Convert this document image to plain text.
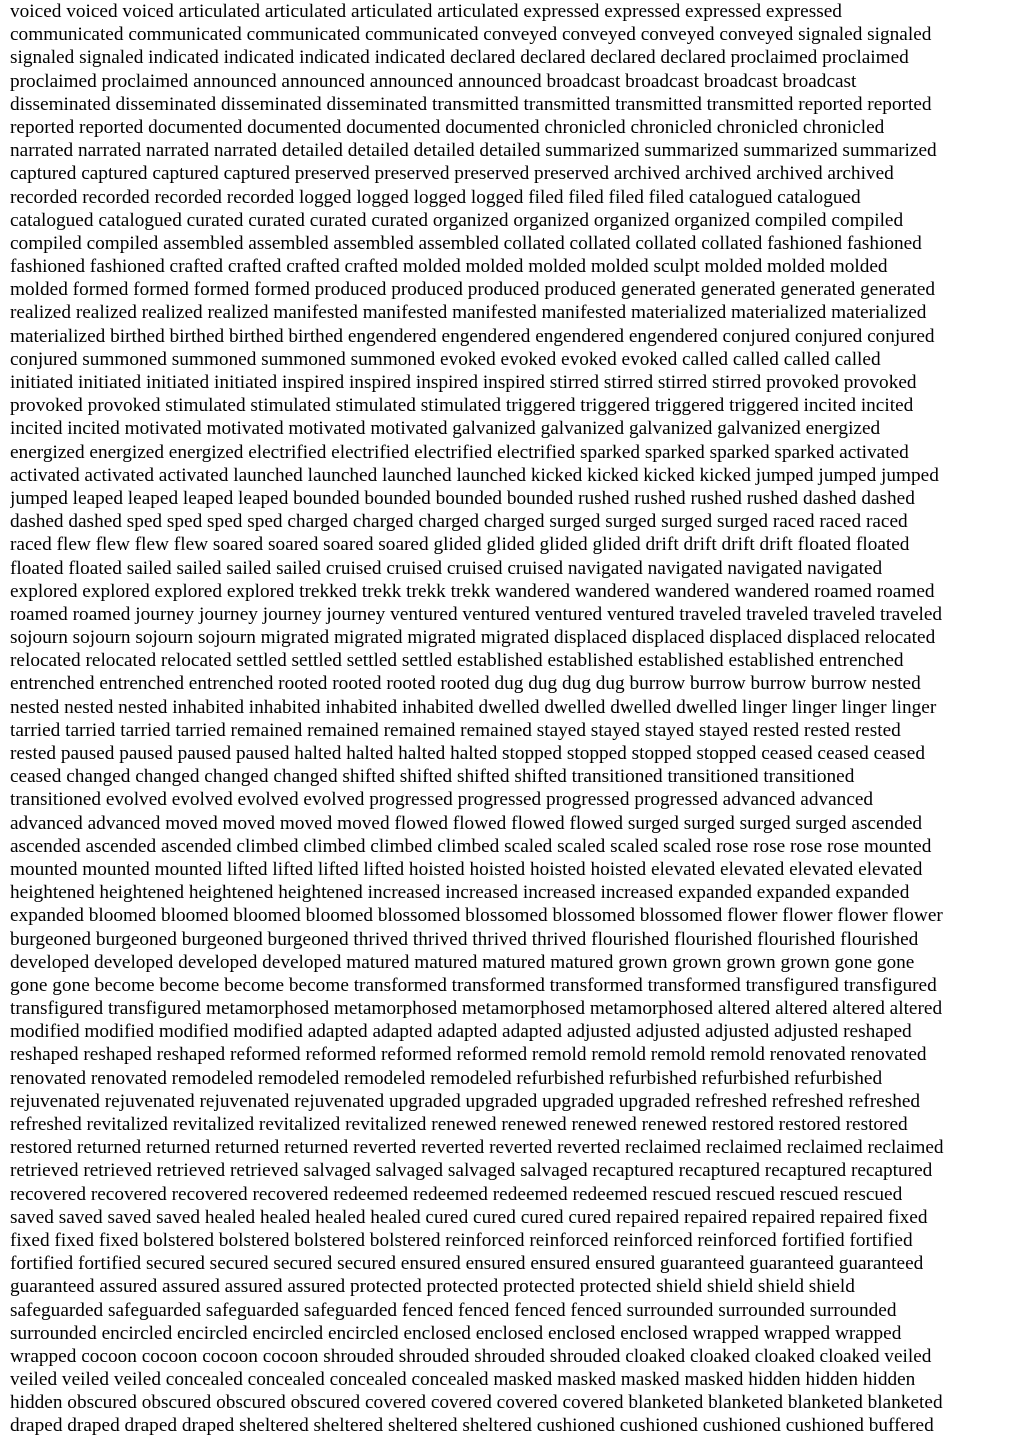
voiced voiced voiced articulated articulated articulated articulated expressed expressed expressed expressed
communicated communicated communicated communicated conveyed conveyed conveyed conveyed signaled signaled
signaled signaled indicated indicated indicated indicated declared declared declared declared proclaimed proclaimed
proclaimed proclaimed announced announced announced announced broadcast broadcast broadcast broadcast
disseminated disseminated disseminated disseminated transmitted transmitted transmitted transmitted reported reported
reported reported documented documented documented documented chronicled chronicled chronicled chronicled
narrated narrated narrated narrated detailed detailed detailed detailed summarized summarized summarized summarized
captured captured captured captured preserved preserved preserved preserved archived archived archived archived
recorded recorded recorded recorded logged logged logged logged filed filed filed filed catalogued catalogued
catalogued catalogued curated curated curated curated organized organized organized organized compiled compiled
compiled compiled assembled assembled assembled assembled collated collated collated collated fashioned fashioned
fashioned fashioned crafted crafted crafted crafted molded molded molded molded sculpt molded molded molded
molded formed formed formed formed produced produced produced produced generated generated generated generated
realized realized realized realized manifested manifested manifested manifested materialized materialized materialized
materialized birthed birthed birthed birthed engendered engendered engendered engendered conjured conjured conjured
conjured summoned summoned summoned summoned evoked evoked evoked evoked called called called called
initiated initiated initiated initiated inspired inspired inspired inspired stirred stirred stirred stirred provoked provoked
provoked provoked stimulated stimulated stimulated stimulated triggered triggered triggered triggered incited incited
incited incited motivated motivated motivated motivated galvanized galvanized galvanized galvanized energized
energized energized energized electrified electrified electrified electrified sparked sparked sparked sparked activated
activated activated activated launched launched launched launched kicked kicked kicked kicked jumped jumped jumped
jumped leaped leaped leaped leaped bounded bounded bounded bounded rushed rushed rushed rushed dashed dashed
dashed dashed sped sped sped sped charged charged charged charged surged surged surged surged raced raced raced
raced flew flew flew flew soared soared soared soared glided glided glided glided drift drift drift drift floated floated
floated floated sailed sailed sailed sailed cruised cruised cruised cruised navigated navigated navigated navigated
explored explored explored explored trekked trekk trekk trekk wandered wandered wandered wandered roamed roamed
roamed roamed journey journey journey journey ventured ventured ventured ventured traveled traveled traveled traveled
sojourn sojourn sojourn sojourn migrated migrated migrated migrated displaced displaced displaced displaced relocated
relocated relocated relocated settled settled settled settled established established established established entrenched
entrenched entrenched entrenched rooted rooted rooted rooted dug dug dug dug burrow burrow burrow burrow nested
nested nested nested inhabited inhabited inhabited inhabited dwelled dwelled dwelled dwelled linger linger linger linger
tarried tarried tarried tarried remained remained remained remained stayed stayed stayed stayed rested rested rested
rested paused paused paused paused halted halted halted halted stopped stopped stopped stopped ceased ceased ceased
ceased changed changed changed changed shifted shifted shifted shifted transitioned transitioned transitioned
transitioned evolved evolved evolved evolved progressed progressed progressed progressed advanced advanced
advanced advanced moved moved moved moved flowed flowed flowed flowed surged surged surged surged ascended
ascended ascended ascended climbed climbed climbed climbed scaled scaled scaled scaled rose rose rose rose mounted
mounted mounted mounted lifted lifted lifted lifted hoisted hoisted hoisted hoisted elevated elevated elevated elevated
heightened heightened heightened heightened increased increased increased increased expanded expanded expanded
expanded bloomed bloomed bloomed bloomed blossomed blossomed blossomed blossomed flower flower flower flower
burgeoned burgeoned burgeoned burgeoned thrived thrived thrived thrived flourished flourished flourished flourished
developed developed developed developed matured matured matured matured grown grown grown grown gone gone
gone gone become become become become transformed transformed transformed transformed transfigured transfigured
transfigured transfigured metamorphosed metamorphosed metamorphosed metamorphosed altered altered altered altered
modified modified modified modified adapted adapted adapted adapted adjusted adjusted adjusted adjusted reshaped
reshaped reshaped reshaped reformed reformed reformed reformed remold remold remold remold renovated renovated
renovated renovated remodeled remodeled remodeled remodeled refurbished refurbished refurbished refurbished
rejuvenated rejuvenated rejuvenated rejuvenated upgraded upgraded upgraded upgraded refreshed refreshed refreshed
refreshed revitalized revitalized revitalized revitalized renewed renewed renewed renewed restored restored restored
restored returned returned returned returned reverted reverted reverted reverted reclaimed reclaimed reclaimed reclaimed
retrieved retrieved retrieved retrieved salvaged salvaged salvaged salvaged recaptured recaptured recaptured recaptured
recovered recovered recovered recovered redeemed redeemed redeemed redeemed rescued rescued rescued rescued
saved saved saved saved healed healed healed healed cured cured cured cured repaired repaired repaired repaired fixed
fixed fixed fixed bolstered bolstered bolstered bolstered reinforced reinforced reinforced reinforced fortified fortified
fortified fortified secured secured secured secured ensured ensured ensured ensured guaranteed guaranteed guaranteed
guaranteed assured assured assured assured protected protected protected protected shield shield shield shield
safeguarded safeguarded safeguarded safeguarded fenced fenced fenced fenced surrounded surrounded surrounded
surrounded encircled encircled encircled encircled enclosed enclosed enclosed enclosed wrapped wrapped wrapped
wrapped cocoon cocoon cocoon cocoon shrouded shrouded shrouded shrouded cloaked cloaked cloaked cloaked veiled
veiled veiled veiled concealed concealed concealed concealed masked masked masked masked hidden hidden hidden
hidden obscured obscured obscured obscured covered covered covered covered blanketed blanketed blanketed blanketed
draped draped draped draped sheltered sheltered sheltered sheltered cushioned cushioned cushioned cushioned buffered
